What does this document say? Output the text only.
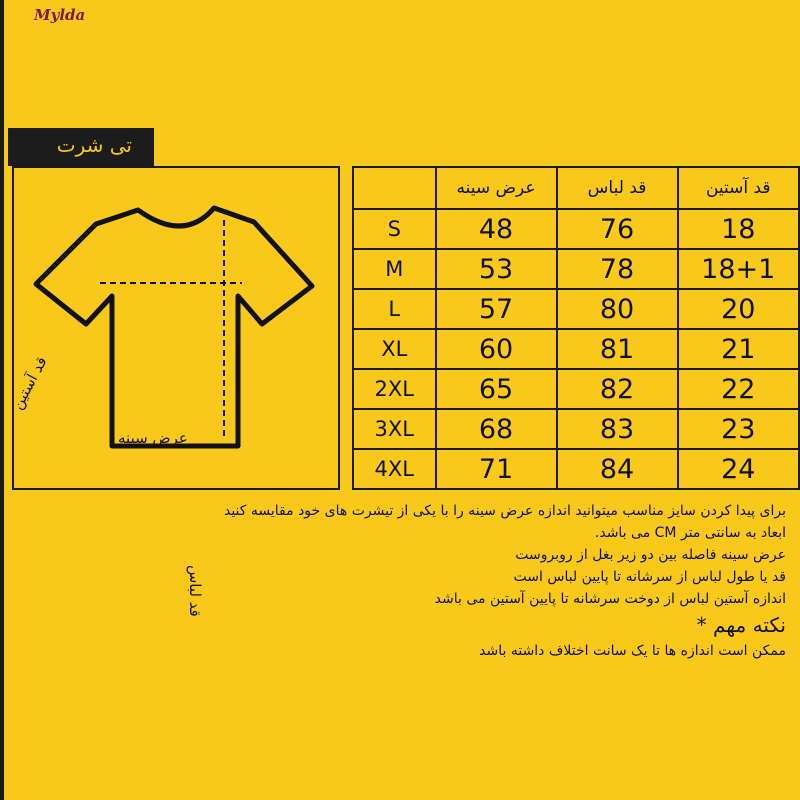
Mylda
تی شرت
قد آستین
عرض سینه
قد لباس
	عرض سینه	قد لباس	قد آستین
S	48	76	18
M	53	78	18+1
L	57	80	20
XL	60	81	21
2XL	65	82	22
3XL	68	83	23
4XL	71	84	24
برای پیدا کردن سایز مناسب میتوانید اندازه عرض سینه را با یکی از تیشرت های خود مقایسه کنید
ابعاد به سانتی متر CM می باشد.
عرض سینه فاصله بین دو زیر بغل از روبروست
قد یا طول لباس از سرشانه تا پایین لباس است
اندازه آستین لباس از دوخت سرشانه تا پایین آستین می باشد
نکته مهم *
ممکن است اندازه ها تا یک سانت اختلاف داشته باشد
